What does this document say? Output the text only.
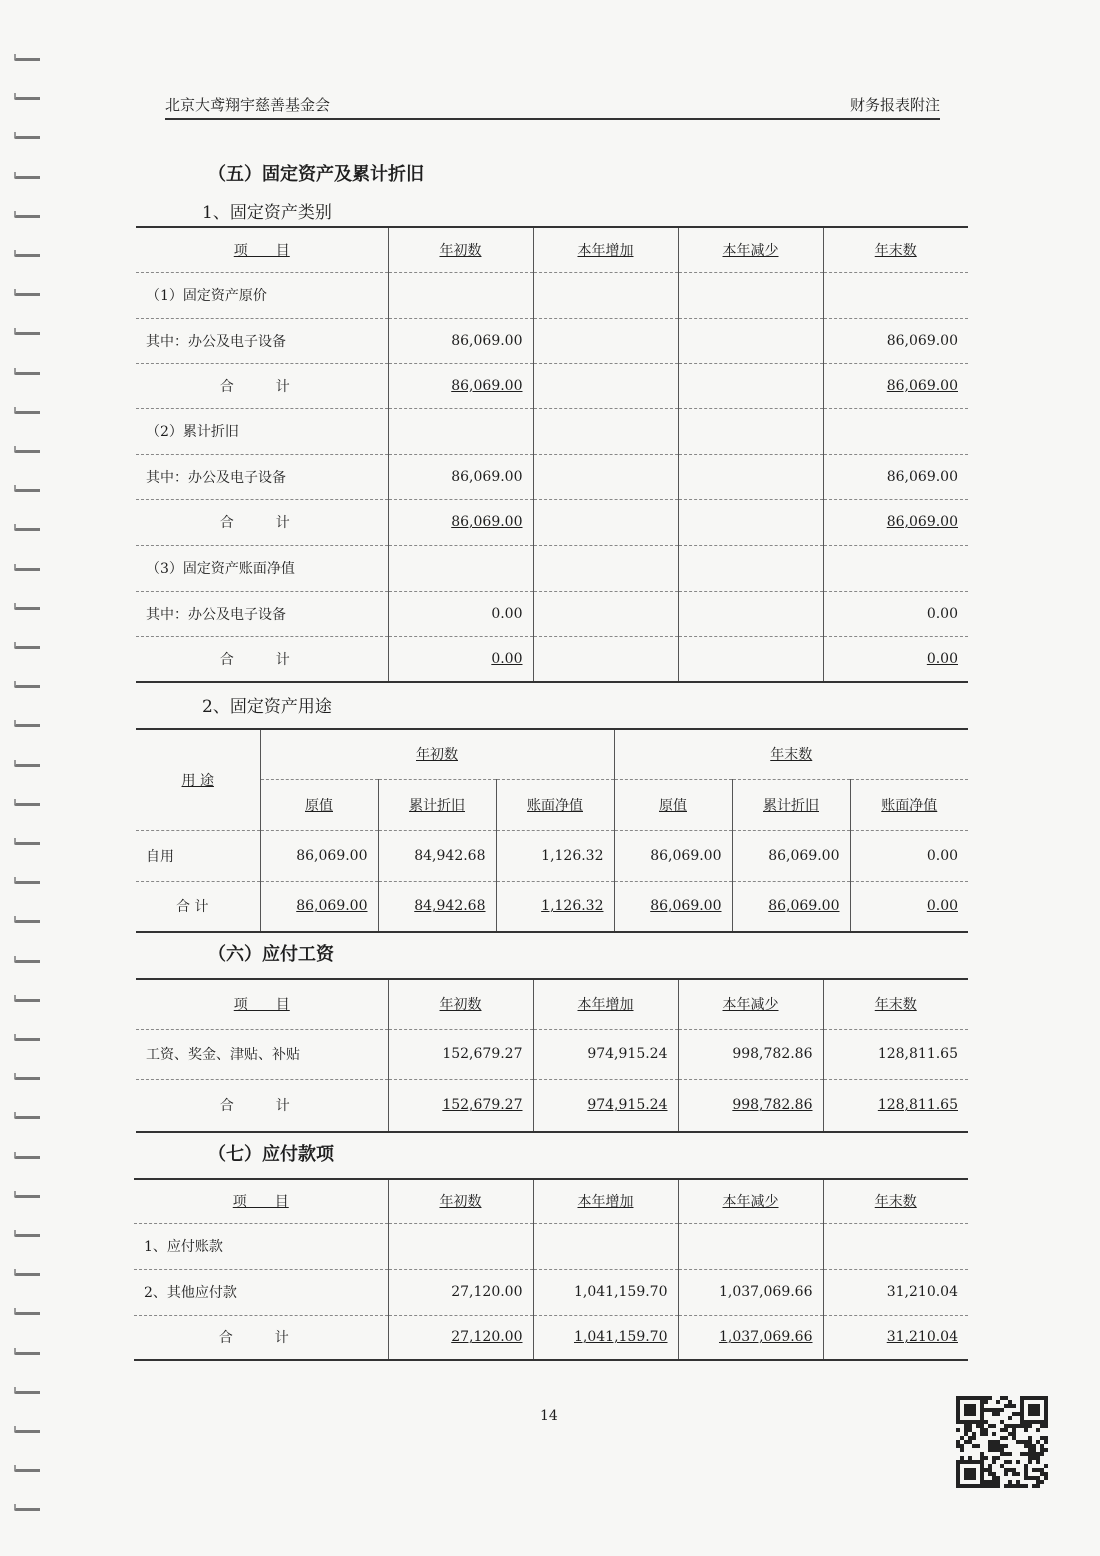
北京大鸢翔宇慈善基金会	财务报表附注
（五）固定资产及累计折旧
1、固定资产类别
项　　目	年初数	本年增加	本年减少	年末数
（1）固定资产原价				
其中：办公及电子设备	86,069.00			86,069.00
合　计	86,069.00			86,069.00
（2）累计折旧				
其中：办公及电子设备	86,069.00			86,069.00
合　计	86,069.00			86,069.00
（3）固定资产账面净值				
其中：办公及电子设备	0.00			0.00
合　计	0.00			0.00
2、固定资产用途
用 途	年初数			年末数		
	原值	累计折旧	账面净值	原值	累计折旧	账面净值
自用	86,069.00	84,942.68	1,126.32	86,069.00	86,069.00	0.00
合 计	86,069.00	84,942.68	1,126.32	86,069.00	86,069.00	0.00
（六）应付工资
项　　目	年初数	本年增加	本年减少	年末数
工资、奖金、津贴、补贴	152,679.27	974,915.24	998,782.86	128,811.65
合　计	152,679.27	974,915.24	998,782.86	128,811.65
（七）应付款项
项　　目	年初数	本年增加	本年减少	年末数
1、应付账款				
2、其他应付款	27,120.00	1,041,159.70	1,037,069.66	31,210.04
合　计	27,120.00	1,041,159.70	1,037,069.66	31,210.04
14
